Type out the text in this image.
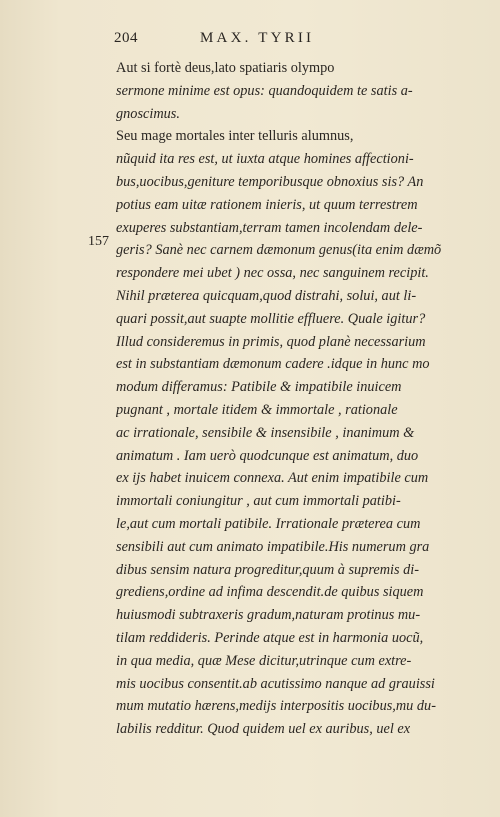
204	MAX. TYRII
157
Aut si fortè deus,lato spatiaris olympo
sermone minime est opus: quandoquidem te satis a-
gnoscimus.
Seu mage mortales inter telluris alumnus,
nũquid ita res est, ut iuxta atque homines affectioni-
bus,uocibus,geniture temporibusque obnoxius sis? An
potius eam uitæ rationem inieris, ut quum terrestrem
exuperes substantiam,terram tamen incolendam dele-
geris? Sanè nec carnem dæmonum genus(ita enim dæmõ
respondere mei ubet ) nec ossa, nec sanguinem recipit.
Nihil præterea quicquam,quod distrahi, solui, aut li-
quari possit,aut suapte mollitie effluere. Quale igitur?
Illud consideremus in primis, quod planè necessarium
est in substantiam dæmonum cadere .idque in hunc mo
modum differamus: Patibile & impatibile inuicem
pugnant , mortale itidem & immortale , rationale
ac irrationale, sensibile & insensibile , inanimum &
animatum . Iam uerò quodcunque est animatum, duo
ex ijs habet inuicem connexa. Aut enim impatibile cum
immortali coniungitur , aut cum immortali patibi-
le,aut cum mortali patibile. Irrationale præterea cum
sensibili aut cum animato impatibile.His numerum gra
dibus sensim natura progreditur,quum à supremis di-
grediens,ordine ad infima descendit.de quibus siquem
huiusmodi subtraxeris gradum,naturam protinus mu-
tilam reddideris. Perinde atque est in harmonia uocũ,
in qua media, quæ Mese dicitur,utrinque cum extre-
mis uocibus consentit.ab acutissimo nanque ad grauissi
mum mutatio hærens,medijs interpositis uocibus,mu du-
labilis redditur. Quod quidem uel ex auribus, uel ex
